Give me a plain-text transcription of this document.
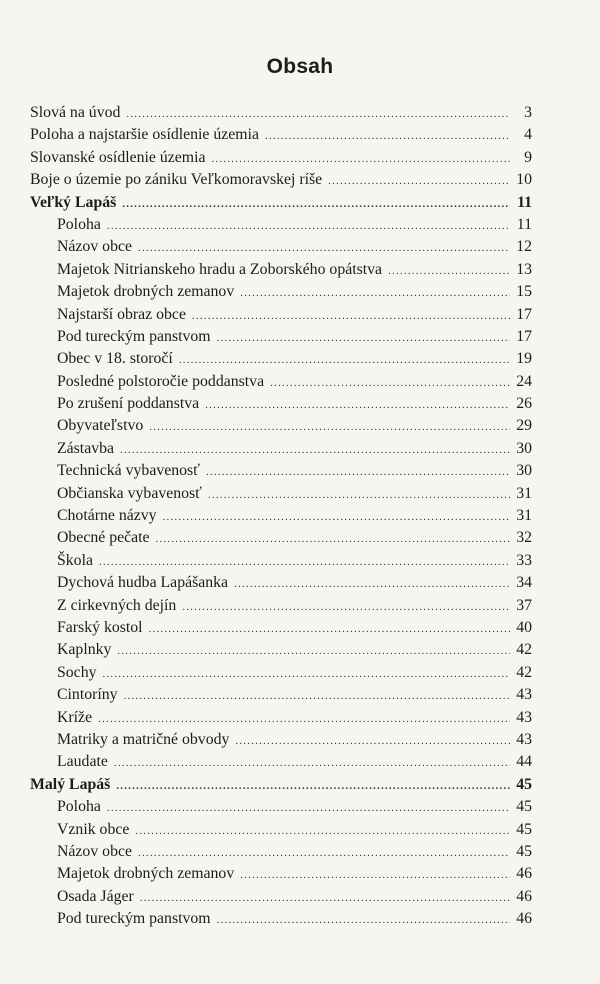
Obsah
Slová na úvod .....	3
Poloha a najstaršie osídlenie územia .....	4
Slovanské osídlenie územia .....	9
Boje o územie po zániku Veľkomoravskej ríše .....	10
Veľký Lapáš .....	11
Poloha .....	11
Názov obce .....	12
Majetok Nitrianskeho hradu a Zoborského opátstva .....	13
Majetok drobných zemanov .....	15
Najstarší obraz obce .....	17
Pod tureckým panstvom .....	17
Obec v 18. storočí .....	19
Posledné polstoročie poddanstva .....	24
Po zrušení poddanstva .....	26
Obyvateľstvo .....	29
Zástavba .....	30
Technická vybavenosť .....	30
Občianska vybavenosť .....	31
Chotárne názvy .....	31
Obecné pečate .....	32
Škola .....	33
Dychová hudba Lapášanka .....	34
Z cirkevných dejín .....	37
Farský kostol .....	40
Kaplnky .....	42
Sochy .....	42
Cintoríny .....	43
Kríže .....	43
Matriky a matričné obvody .....	43
Laudate .....	44
Malý Lapáš .....	45
Poloha .....	45
Vznik obce .....	45
Názov obce .....	45
Majetok drobných zemanov .....	46
Osada Jáger .....	46
Pod tureckým panstvom .....	46
